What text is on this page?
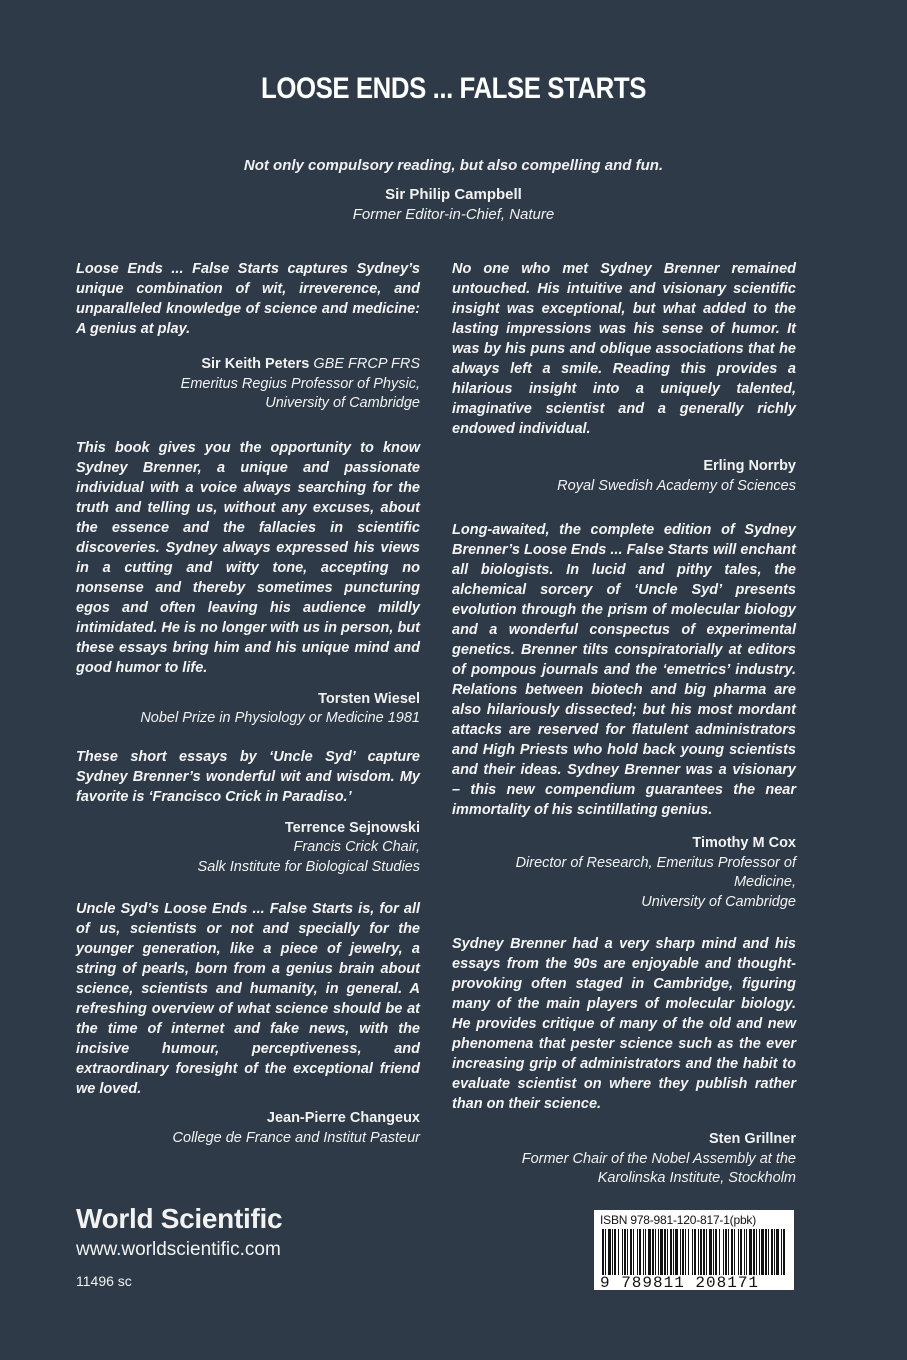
LOOSE ENDS ... FALSE STARTS
Not only compulsory reading, but also compelling and fun.
Sir Philip Campbell
Former Editor-in-Chief, Nature

Loose Ends ... False Starts captures Sydney’s unique combination of wit, irreverence, and unparalleled knowledge of science and medicine: A genius at play.

Sir Keith Peters GBE FRCP FRS
Emeritus Regius Professor of Physic,
University of Cambridge

This book gives you the opportunity to know Sydney Brenner, a unique and passionate individual with a voice always searching for the truth and telling us, without any excuses, about the essence and the fallacies in scientific discoveries. Sydney always expressed his views in a cutting and witty tone, accepting no nonsense and thereby sometimes puncturing egos and often leaving his audience mildly intimidated. He is no longer with us in person, but these essays bring him and his unique mind and good humor to life.

Torsten Wiesel
Nobel Prize in Physiology or Medicine 1981

These short essays by ‘Uncle Syd’ capture Sydney Brenner’s wonderful wit and wisdom. My favorite is ‘Francisco Crick in Paradiso.’

Terrence Sejnowski
Francis Crick Chair,
Salk Institute for Biological Studies

Uncle Syd’s Loose Ends ... False Starts is, for all of us, scientists or not and specially for the younger generation, like a piece of jewelry, a string of pearls, born from a genius brain about science, scientists and humanity, in general. A refreshing overview of what science should be at the time of internet and fake news, with the incisive humour, perceptiveness, and extraordinary foresight of the exceptional friend we loved.

Jean-Pierre Changeux
College de France and Institut Pasteur

No one who met Sydney Brenner remained untouched. His intuitive and visionary scientific insight was exceptional, but what added to the lasting impressions was his sense of humor. It was by his puns and oblique associations that he always left a smile. Reading this provides a hilarious insight into a uniquely talented, imaginative scientist and a generally richly endowed individual.

Erling Norrby
Royal Swedish Academy of Sciences

Long-awaited, the complete edition of Sydney Brenner’s Loose Ends ... False Starts will enchant all biologists. In lucid and pithy tales, the alchemical sorcery of ‘Uncle Syd’ presents evolution through the prism of molecular biology and a wonderful conspectus of experimental genetics. Brenner tilts conspiratorially at editors of pompous journals and the ‘emetrics’ industry. Relations between biotech and big pharma are also hilariously dissected; but his most mordant attacks are reserved for flatulent administrators and High Priests who hold back young scientists and their ideas. Sydney Brenner was a visionary – this new compendium guarantees the near immortality of his scintillating genius.

Timothy M Cox
Director of Research, Emeritus Professor of Medicine,
University of Cambridge

Sydney Brenner had a very sharp mind and his essays from the 90s are enjoyable and thought-provoking often staged in Cambridge, figuring many of the main players of molecular biology. He provides critique of many of the old and new phenomena that pester science such as the ever increasing grip of administrators and the habit to evaluate scientist on where they publish rather than on their science.

Sten Grillner
Former Chair of the Nobel Assembly at the
Karolinska Institute, Stockholm
World Scientific
www.worldscientific.com
11496 sc
ISBN 978-981-120-817-1(pbk)
9 789811 208171
